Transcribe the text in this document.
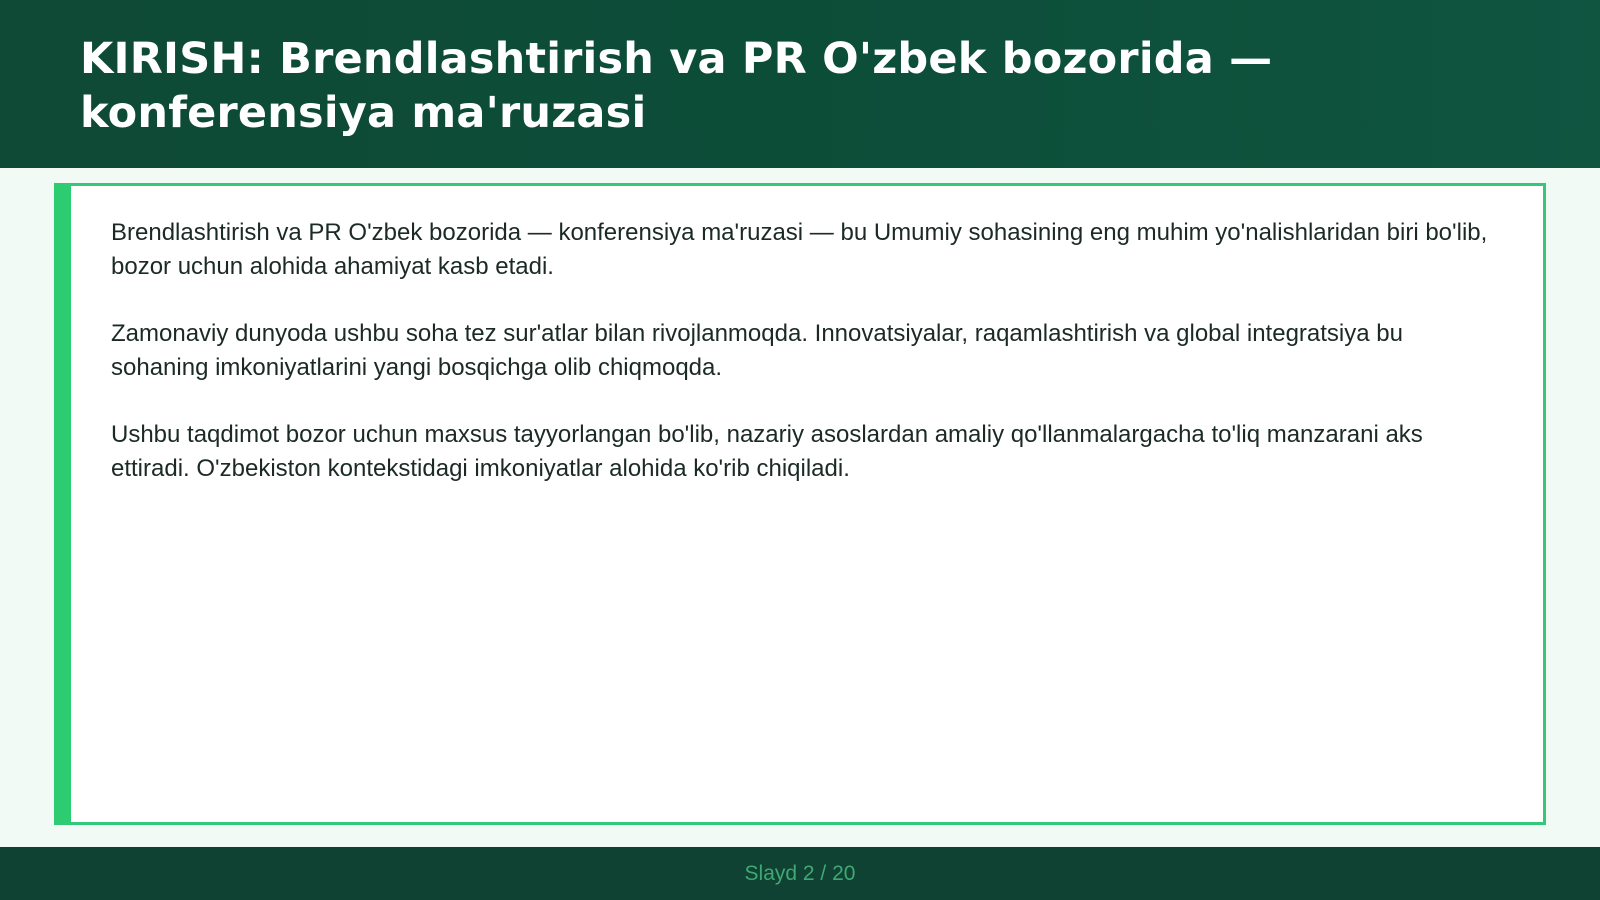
KIRISH: Brendlashtirish va PR O'zbek bozorida — konferensiya ma'ruzasi

Brendlashtirish va PR O'zbek bozorida — konferensiya ma'ruzasi — bu Umumiy sohasining eng muhim yo'nalishlaridan biri bo'lib, bozor uchun alohida ahamiyat kasb etadi.

Zamonaviy dunyoda ushbu soha tez sur'atlar bilan rivojlanmoqda. Innovatsiyalar, raqamlashtirish va global integratsiya bu sohaning imkoniyatlarini yangi bosqichga olib chiqmoqda.

Ushbu taqdimot bozor uchun maxsus tayyorlangan bo'lib, nazariy asoslardan amaliy qo'llanmalargacha to'liq manzarani aks ettiradi. O'zbekiston kontekstidagi imkoniyatlar alohida ko'rib chiqiladi.

Slayd 2 / 20
